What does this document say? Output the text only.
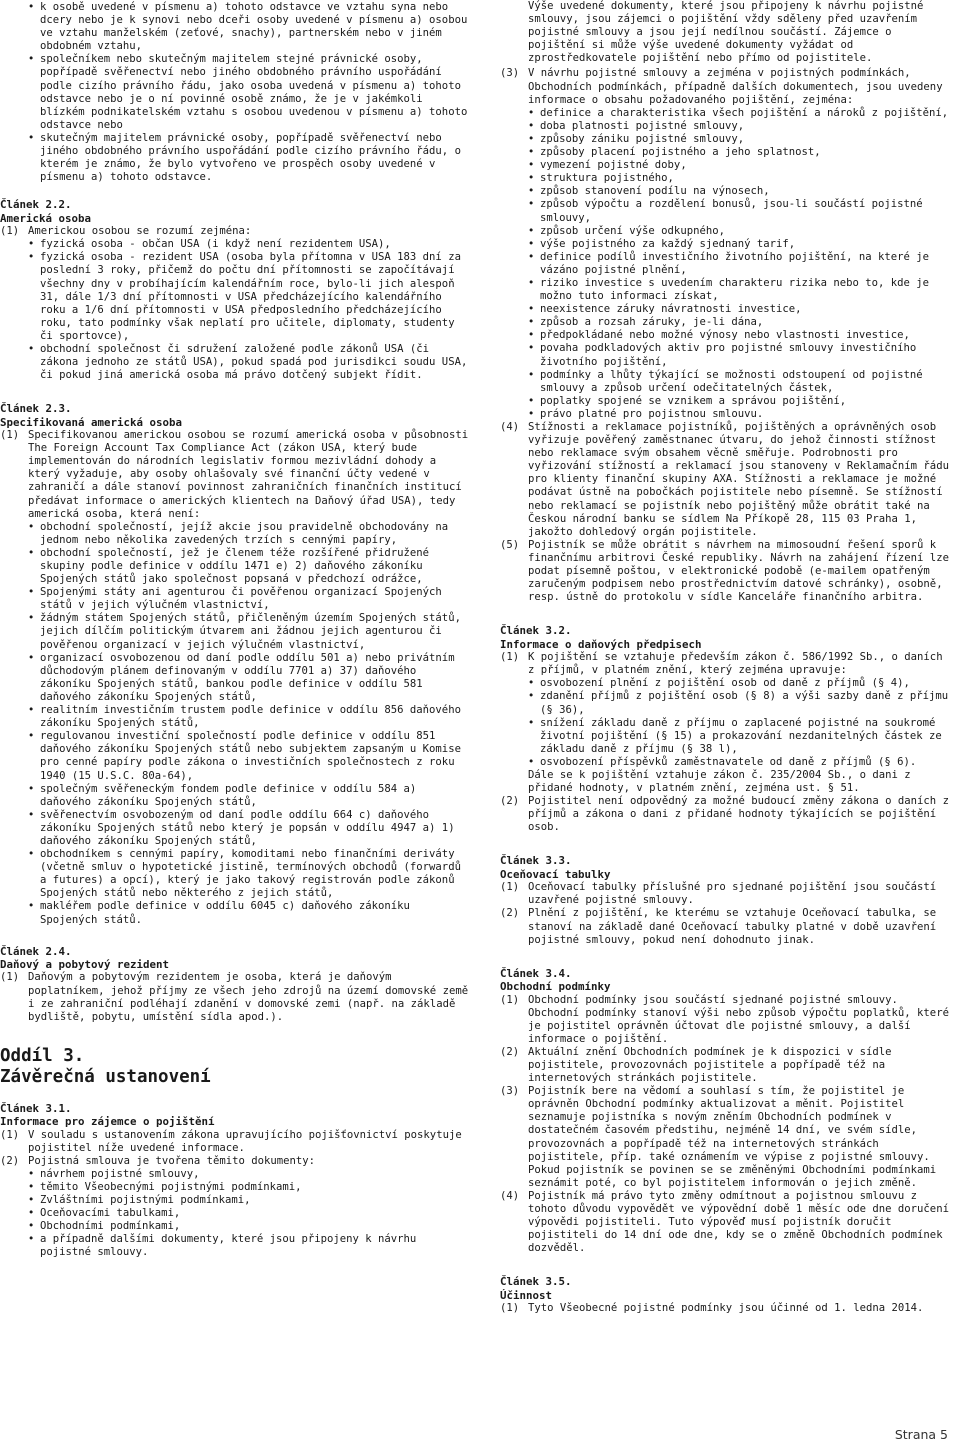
• k osobě uvedené v písmenu a) tohoto odstavce ve vztahu syna nebo dcery nebo je k synovi nebo dceři osoby uvedené v písmenu a) osobou ve vztahu manželském (zeťové, snachy), partnerském nebo v jiném obdobném vztahu,
• společníkem nebo skutečným majitelem stejné právnické osoby, popřípadě svěřenectví nebo jiného obdobného právního uspořádání podle cizího právního řádu, jako osoba uvedená v písmenu a) tohoto odstavce nebo je o ní povinné osobě známo, že je v jakémkoli blízkém podnikatelském vztahu s osobou uvedenou v písmenu a) tohoto odstavce nebo
• skutečným majitelem právnické osoby, popřípadě svěřenectví nebo jiného obdobného právního uspořádání podle cizího právního řádu, o kterém je známo, že bylo vytvořeno ve prospěch osoby uvedené v písmenu a) tohoto odstavce.
Článek 2.2.
Americká osoba
(1) Americkou osobou se rozumí zejména:

• fyzická osoba - občan USA (i když není rezidentem USA),
• fyzická osoba - rezident USA (osoba byla přítomna v USA 183 dní za poslední 3 roky, přičemž do počtu dní přítomnosti se započítávají všechny dny v probíhajícím kalendářním roce, bylo-li jich alespoň 31, dále 1/3 dní přítomnosti v USA předcházejícího kalendářního roku a 1/6 dní přítomnosti v USA předposledního předcházejícího roku, tato podmínky však neplatí pro učitele, diplomaty, studenty či sportovce),
• obchodní společnost či sdružení založené podle zákonů USA (či zákona jednoho ze států USA), pokud spadá pod jurisdikci soudu USA, či pokud jiná americká osoba má právo dotčený subjekt řídit.
Článek 2.3.
Specifikovaná americká osoba
(1) Specifikovanou americkou osobou se rozumí americká osoba v působnosti The Foreign Account Tax Compliance Act (zákon USA, který bude implementován do národních legislativ formou mezivládní dohody a který vyžaduje, aby osoby ohlašovaly své finanční účty vedené v zahraničí a dále stanoví povinnost zahraničních finančních institucí předávat informace o amerických klientech na Daňový úřad USA), tedy americká osoba, která není:

• obchodní společností, jejíž akcie jsou pravidelně obchodovány na jednom nebo několika zavedených trzích s cennými papíry,
• obchodní společností, jež je členem téže rozšířené přidružené skupiny podle definice v oddílu 1471 e) 2) daňového zákoníku Spojených států jako společnost popsaná v předchozí odrážce,
• Spojenými státy ani agenturou či pověřenou organizací Spojených států v jejich výlučném vlastnictví,
• žádným státem Spojených států, přičleněným územím Spojených států, jejich dílčím politickým útvarem ani žádnou jejich agenturou či pověřenou organizací v jejich výlučném vlastnictví,
• organizací osvobozenou od daní podle oddílu 501 a) nebo privátním důchodovým plánem definovaným v oddílu 7701 a) 37) daňového zákoníku Spojených států, bankou podle definice v oddílu 581 daňového zákoníku Spojených států,
• realitním investičním trustem podle definice v oddílu 856 daňového zákoníku Spojených států,
• regulovanou investiční společností podle definice v oddílu 851 daňového zákoníku Spojených států nebo subjektem zapsaným u Komise pro cenné papíry podle zákona o investičních společnostech z roku 1940 (15 U.S.C. 80a-64),
• společným svěřeneckým fondem podle definice v oddílu 584 a) daňového zákoníku Spojených států,
• svěřenectvím osvobozeným od daní podle oddílu 664 c) daňového zákoníku Spojených států nebo který je popsán v oddílu 4947 a) 1) daňového zákoníku Spojených států,
• obchodníkem s cennými papíry, komoditami nebo finančními deriváty (včetně smluv o hypotetické jistině, termínových obchodů (forwardů a futures) a opcí), který je jako takový registrován podle zákonů Spojených států nebo některého z jejich států,
• makléřem podle definice v oddílu 6045 c) daňového zákoníku Spojených států.
Článek 2.4.
Daňový a pobytový rezident
(1) Daňovým a pobytovým rezidentem je osoba, která je daňovým poplatníkem, jehož příjmy ze všech jeho zdrojů na území domovské země i ze zahraniční podléhají zdanění v domovské zemi (např. na základě bydliště, pobytu, umístění sídla apod.).

Oddíl 3.
Závěrečná ustanovení
Článek 3.1.
Informace pro zájemce o pojištění
(1) V souladu s ustanovením zákona upravujícího pojišťovnictví poskytuje pojistitel níže uvedené informace.

(2) Pojistná smlouva je tvořena těmito dokumenty:

• návrhem pojistné smlouvy,
• těmito Všeobecnými pojistnými podmínkami,
• Zvláštními pojistnými podmínkami,
• Oceňovacími tabulkami,
• Obchodními podmínkami,
• a případně dalšími dokumenty, které jsou připojeny k návrhu pojistné smlouvy.

Výše uvedené dokumenty, které jsou připojeny k návrhu pojistné smlouvy, jsou zájemci o pojištění vždy sděleny před uzavřením pojistné smlouvy a jsou její nedílnou součástí. Zájemce o pojištění si může výše uvedené dokumenty vyžádat od zprostředkovatele pojištění nebo přímo od pojistitele.

(3) V návrhu pojistné smlouvy a zejména v pojistných podmínkách, Obchodních podmínkách, případně dalších dokumentech, jsou uvedeny informace o obsahu požadovaného pojištění, zejména:

• definice a charakteristika všech pojištění a nároků z pojištění,
• doba platnosti pojistné smlouvy,
• způsoby zániku pojistné smlouvy,
• způsoby placení pojistného a jeho splatnost,
• vymezení pojistné doby,
• struktura pojistného,
• způsob stanovení podílu na výnosech,
• způsob výpočtu a rozdělení bonusů, jsou-li součástí pojistné smlouvy,
• způsob určení výše odkupného,
• výše pojistného za každý sjednaný tarif,
• definice podílů investičního životního pojištění, na které je vázáno pojistné plnění,
• riziko investice s uvedením charakteru rizika nebo to, kde je možno tuto informaci získat,
• neexistence záruky návratnosti investice,
• způsob a rozsah záruky, je-li dána,
• předpokládané nebo možné výnosy nebo vlastnosti investice,
• povaha podkladových aktiv pro pojistné smlouvy investičního životního pojištění,
• podmínky a lhůty týkající se možnosti odstoupení od pojistné smlouvy a způsob určení odečitatelných částek,
• poplatky spojené se vznikem a správou pojištění,
• právo platné pro pojistnou smlouvu.
(4) Stížnosti a reklamace pojistníků, pojištěných a oprávněných osob vyřizuje pověřený zaměstnanec útvaru, do jehož činnosti stížnost nebo reklamace svým obsahem věcně směřuje. Podrobnosti pro vyřizování stížností a reklamací jsou stanoveny v Reklamačním řádu pro klienty finanční skupiny AXA. Stížnosti a reklamace je možné podávat ústně na pobočkách pojistitele nebo písemně. Se stížností nebo reklamací se pojistník nebo pojištěný může obrátit také na Českou národní banku se sídlem Na Příkopě 28, 115 03 Praha 1, jakožto dohledový orgán pojistitele.

(5) Pojistník se může obrátit s návrhem na mimosoudní řešení sporů k finančnímu arbitrovi České republiky. Návrh na zahájení řízení lze podat písemně poštou, v elektronické podobě (e-mailem opatřeným zaručeným podpisem nebo prostřednictvím datové schránky), osobně, resp. ústně do protokolu v sídle Kanceláře finančního arbitra.

Článek 3.2.
Informace o daňových předpisech
(1) K pojištění se vztahuje především zákon č. 586/1992 Sb., o daních z příjmů, v platném znění, který zejména upravuje:

• osvobození plnění z pojištění osob od daně z příjmů (§ 4),
• zdanění příjmů z pojištění osob (§ 8) a výši sazby daně z příjmu (§ 36),
• snížení základu daně z příjmu o zaplacené pojistné na soukromé životní pojištění (§ 15) a prokazování nezdanitelných částek ze základu daně z příjmu (§ 38 l),
• osvobození příspěvků zaměstnavatele od daně z příjmů (§ 6).

Dále se k pojištění vztahuje zákon č. 235/2004 Sb., o dani z přidané hodnoty, v platném znění, zejména ust. § 51.

(2) Pojistitel není odpovědný za možné budoucí změny zákona o daních z příjmů a zákona o dani z přidané hodnoty týkajících se pojištění osob.

Článek 3.3.
Oceňovací tabulky
(1) Oceňovací tabulky příslušné pro sjednané pojištění jsou součástí uzavřené pojistné smlouvy.

(2) Plnění z pojištění, ke kterému se vztahuje Oceňovací tabulka, se stanoví na základě dané Oceňovací tabulky platné v době uzavření pojistné smlouvy, pokud není dohodnuto jinak.

Článek 3.4.
Obchodní podmínky
(1) Obchodní podmínky jsou součástí sjednané pojistné smlouvy. Obchodní podmínky stanoví výši nebo způsob výpočtu poplatků, které je pojistitel oprávněn účtovat dle pojistné smlouvy, a další informace o pojištění.

(2) Aktuální znění Obchodních podmínek je k dispozici v sídle pojistitele, provozovnách pojistitele a popřípadě též na internetových stránkách pojistitele.

(3) Pojistník bere na vědomí a souhlasí s tím, že pojistitel je oprávněn Obchodní podmínky aktualizovat a měnit. Pojistitel seznamuje pojistníka s novým zněním Obchodních podmínek v dostatečném časovém předstihu, nejméně 14 dní, ve svém sídle, provozovnách a popřípadě též na internetových stránkách pojistitele, příp. také oznámením ve výpise z pojistné smlouvy. Pokud pojistník se povinen se se změněnými Obchodními podmínkami seznámit poté, co byl pojistitelem informován o jejich změně.

(4) Pojistník má právo tyto změny odmítnout a pojistnou smlouvu z tohoto důvodu vypovědět ve výpovědní době 1 měsíc ode dne doručení výpovědi pojistiteli. Tuto výpověď musí pojistník doručit pojistiteli do 14 dní ode dne, kdy se o změně Obchodních podmínek dozvěděl.

Článek 3.5.
Účinnost
(1) Tyto Všeobecné pojistné podmínky jsou účinné od 1. ledna 2014.

Strana 5
